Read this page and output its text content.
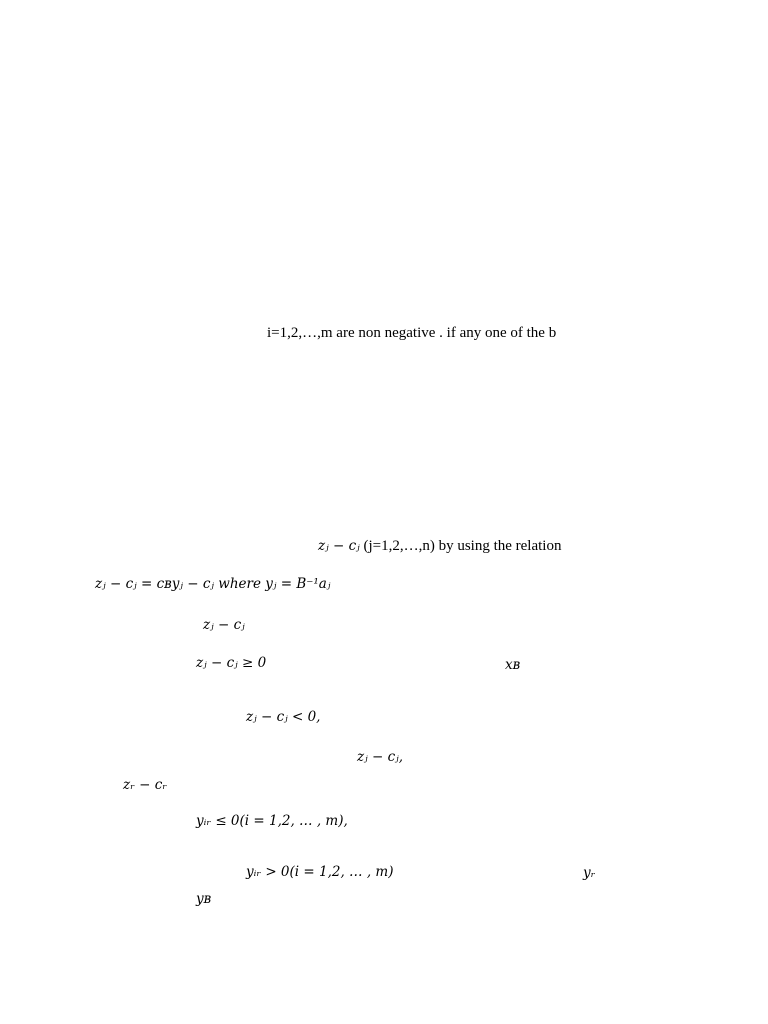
i=1,2,…,m are non negative . if any one of the b
zⱼ − cⱼ (j=1,2,…,n) by using the relation
zⱼ − cⱼ = cʙyⱼ − cⱼ where yⱼ = B⁻¹aⱼ
zⱼ − cⱼ
zⱼ − cⱼ ≥ 0	xʙ
zⱼ − cⱼ < 0,
zⱼ − cⱼ,
zᵣ − cᵣ
yᵢᵣ ≤ 0(i = 1,2, … , m),
yᵢᵣ > 0(i = 1,2, … , m)	yᵣ
yʙ
